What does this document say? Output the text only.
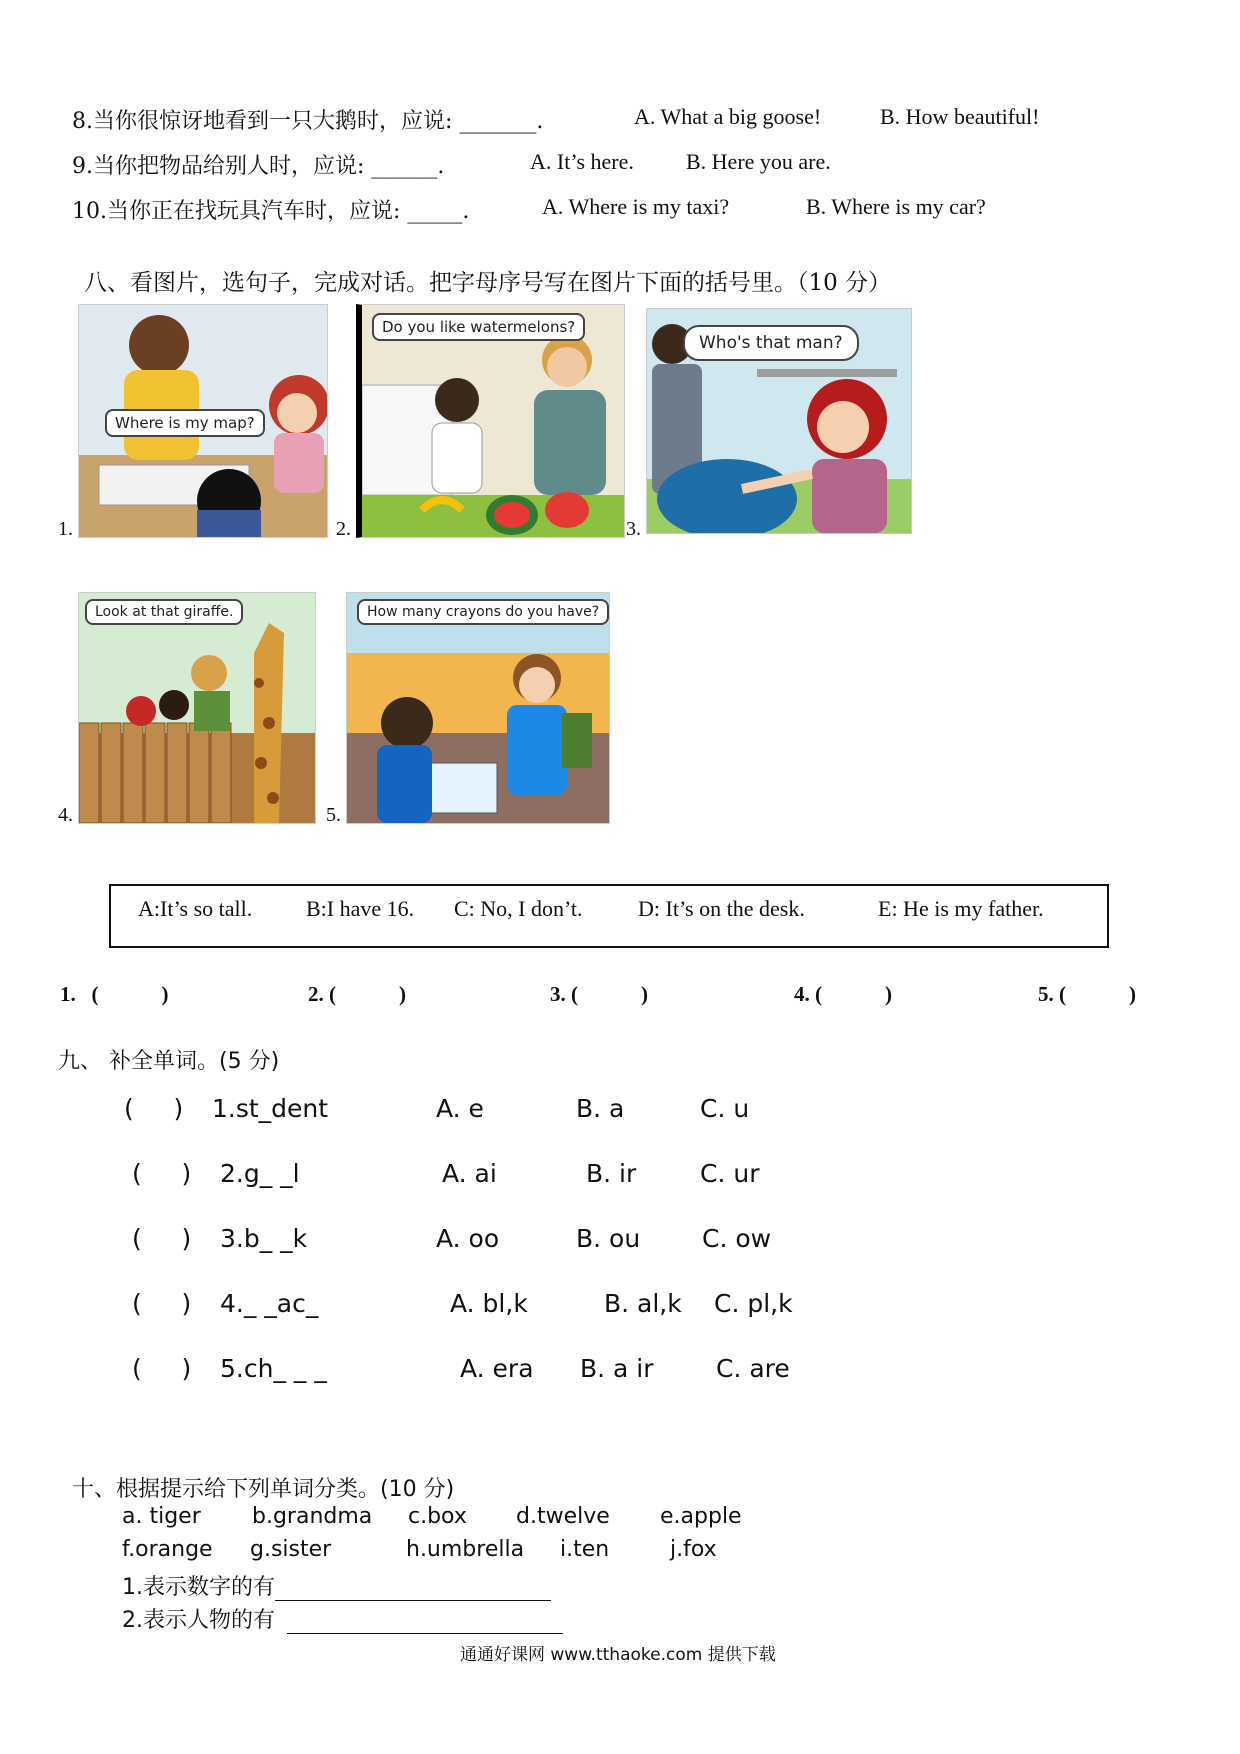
8.当你很惊讶地看到一只大鹅时，应说: _______.	A. What a big goose!	B. How beautiful!
9.当你把物品给别人时，应说: ______.	A. It’s here. B. Here you are.
10.当你正在找玩具汽车时，应说: _____.	A. Where is my taxi?	B. Where is my car?
八、看图片，选句子，完成对话。把字母序号写在图片下面的括号里。（10 分）
1.
Where is my map?
2.
Do you like watermelons?
3.
Who's that man?
4.
Look at that giraffe.
5.
How many crayons do you have?
A:It’s so tall. B:I have 16. C: No, I don’t.	D: It’s on the desk.	E: He is my father.
1.   (            )	2. (            )	3. (            )	4. (            )	5. (            )
九、 补全单词。(5 分)
(     ) 1.st_dent	A. e	B. a	C. u
(     ) 2.g_ _l	A. ai	B. ir	C. ur
(     ) 3.b_ _k	A. oo	B. ou C. ow
(     ) 4._ _ac_	A. bl,k	B. al,k C. pl,k
(     ) 5.ch_ _ _	A. era B. a ir C. are
十、根据提示给下列单词分类。(10 分)
a. tiger b.grandma c.box d.twelve e.apple
f.orange g.sister	h.umbrella i.ten	j.fox
1.表示数字的有
2.表示人物的有
通通好课网 www.tthaoke.com 提供下载
